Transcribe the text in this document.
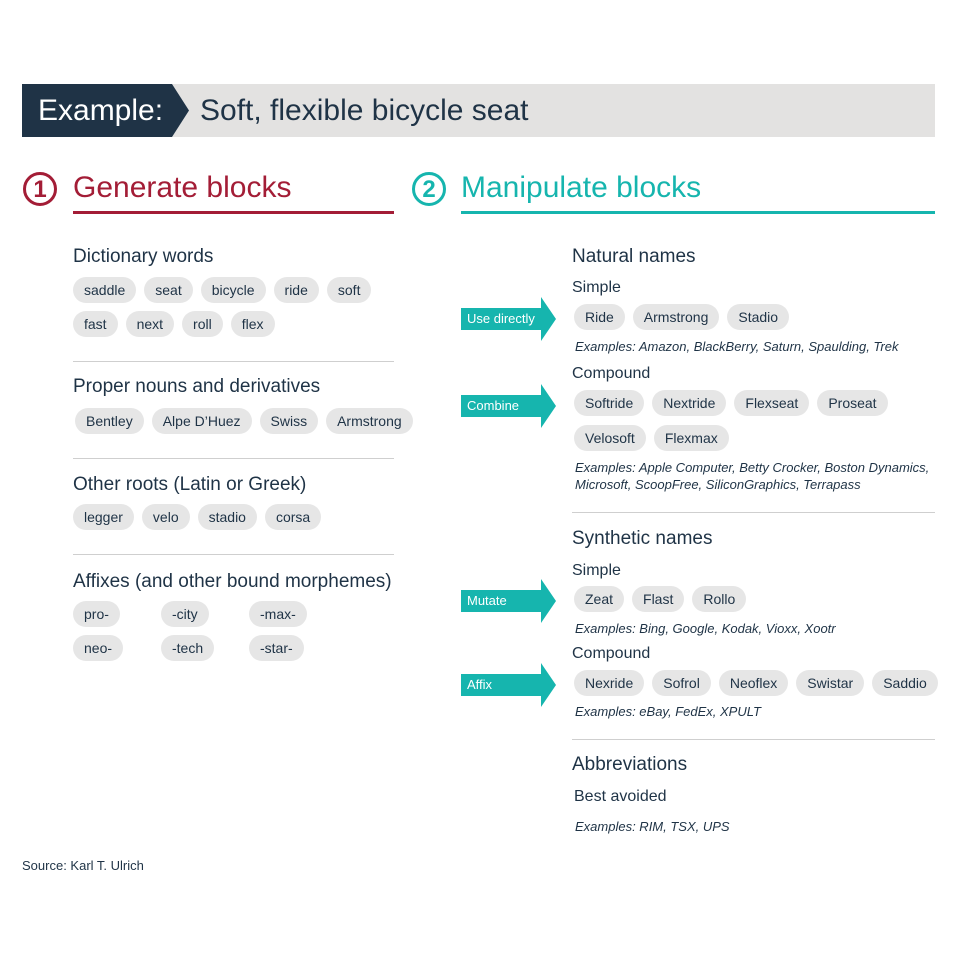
Example: Soft, flexible bicycle seat
1 Generate blocks	2 Manipulate blocks
Dictionary words
saddle	seat	bicycle	ride	soft
fast	next	roll	flex
Proper nouns and derivatives
Bentley	Alpe D’Huez	Swiss	Armstrong
Other roots (Latin or Greek)
legger	velo	stadio	corsa
Affixes (and other bound morphemes)
pro-	-city	-max-
neo-	-tech	-star-
Natural names
Simple
Use directly	Ride	Armstrong	Stadio
Examples: Amazon, BlackBerry, Saturn, Spaulding, Trek
Compound
Combine	Softride	Nextride	Flexseat	Proseat
Velosoft	Flexmax
Examples: Apple Computer, Betty Crocker, Boston Dynamics,
Microsoft, ScoopFree, SiliconGraphics, Terrapass
Synthetic names
Simple
Mutate	Zeat	Flast	Rollo
Examples: Bing, Google, Kodak, Vioxx, Xootr
Compound
Affix	Nexride	Sofrol	Neoflex	Swistar	Saddio
Examples: eBay, FedEx, XPULT
Abbreviations
Best avoided
Examples: RIM, TSX, UPS
Source: Karl T. Ulrich
